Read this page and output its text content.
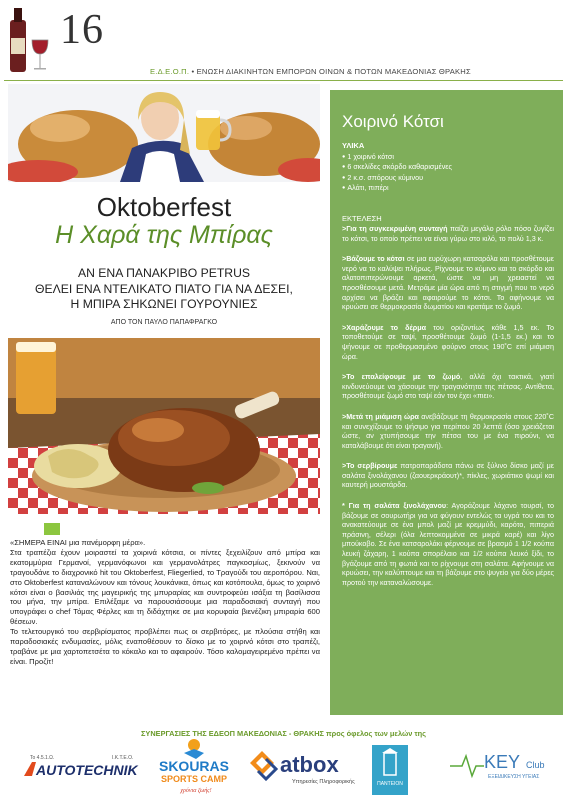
16
Ε.Δ.Ε.Ο.Π. • ΕΝΩΣΗ ΔΙΑΚΙΝΗΤΩΝ ΕΜΠΟΡΩΝ ΟΙΝΩΝ & ΠΟΤΩΝ ΜΑΚΕΔΟΝΙΑΣ ΘΡΑΚΗΣ
Oktoberfest
Η Χαρά της Μπίρας
ΑΝ ΕΝΑ ΠΑΝΑΚΡΙΒΟ PETRUS
ΘΕΛΕΙ ΕΝΑ ΝΤΕΛΙΚΑΤΟ ΠΙΑΤΟ ΓΙΑ ΝΑ ΔΕΣΕΙ,
Η ΜΠΙΡΑ ΣΗΚΩΝΕΙ ΓΟΥΡΟΥΝΙΕΣ
ΑΠΟ ΤΟΝ ΠΑΥΛΟ ΠΑΠΑΦΡΑΓΚΟ

«ΣΗΜΕΡΑ ΕΙΝΑΙ μια πανέμορφη μέρα».

Στα τραπέζια έχουν μοιραστεί τα χοιρινά κότσια, οι πίντες ξεχειλίζουν από μπίρα και εκατομμύρια Γερμανοί, γερμανόφωνοι και γερμανολάτρες παγκοσμίως, ξεκινούν να τραγουδάνε το διαχρονικό hit του Oktoberfest, Fliegerlied, το Τραγούδι του αεροπόρου. Ναι, στο Oktoberfest καταναλώνουν και τόνους λουκάνικα, όπως και κοτόπουλα, όμως το χοιρινό κότσι είναι ο βασιλιάς της μαγειρικής της μπυραρίας και συντροφεύει ισάξια τη βασίλισσα του μήνα, την μπίρα. Επιλέξαμε να παρουσιάσουμε μια παραδοσιακή συνταγή που υπογράφει ο chef Τόμας Φέρλες και τη διδάχτηκε σε μια κορυφαία βιενέζικη μπιραρία 600 θέσεων.

Το τελετουργικό του σερβιρίσματος προβλέπει πως οι σερβιτόρες, με πλούσια στήθη και παραδοσιακές ενδυμασίες, μόλις εναποθέσουν το δίσκο με το χοιρινό κότσι στο τραπέζι, τραβάνε με μια χαρτοπετσέτα το κόκαλο και το αφαιρούν. Τόσο καλομαγειρεμένο πρέπει να είναι. Προζίτ!

Χοιρινό Κότσι
ΥΛΙΚΑ
● 1 χοιρινό κότσι
● 6 σκελίδες σκόρδο καθαρισμένες
● 2 κ.σ. σπόρους κύμινου
● Αλάτι, πιπέρι
ΕΚΤΕΛΕΣΗ

>Για τη συγκεκριμένη συνταγή παίζει μεγάλο ρόλο πόσο ζυγίζει το κότσι, το οποίο πρέπει να είναι γύρω στο κιλό, το πολύ 1,3 κ.

>Βάζουμε το κότσι σε μια ευρύχωρη κατσαρόλα και προσθέτουμε νερό να το καλύψει πλήρως. Ρίχνουμε το κύμινο και το σκόρδο και αλατοπιπερώνουμε αρκετά, ώστε να μη χρειαστεί να προσθέσουμε μετά. Μετράμε μία ώρα από τη στιγμή που το νερό αρχίσει να βράζει και αφαιρούμε το κότσι. Το αφήνουμε να κρυώσει σε θερμοκρασία δωματίου και κρατάμε το ζωμό.

>Χαράζουμε το δέρμα του οριζοντίως κάθε 1,5 εκ. Το τοποθετούμε σε ταψί, προσθέτουμε ζωμό (1-1,5 εκ.) και το ψήνουμε σε προθερμασμένο φούρνο στους 190˚C επί μιάμιση ώρα.

>Το επαλείφουμε με το ζωμό, αλλά όχι τακτικά, γιατί κινδυνεύουμε να χάσουμε την τραγανότητα της πέτσας. Αντίθετα, προσθέτουμε ζωμό στο ταψί εάν τον έχει «πιει».

>Μετά τη μιάμιση ώρα ανεβάζουμε τη θερμοκρασία στους 220˚C και συνεχίζουμε το ψήσιμο για περίπου 20 λεπτά (όσο χρειάζεται ώστε, αν χτυπήσουμε την πέτσα του με ένα πιρούνι, να καταλάβουμε ότι είναι τραγανή).

>Το σερβίρουμε πατροπαράδοτα πάνω σε ξύλινο δίσκο μαζί με σαλάτα ξινολάχανου (ζαουερκράουτ)*, πίκλες, χωριάτικο ψωμί και καυτερή μουστάρδα.

* Για τη σαλάτα ξινολάχανου: Αγοράζουμε λάχανο τουρσί, το βάζουμε σε σουρωτήρι για να φύγουν εντελώς τα υγρά του και το ανακατεύουμε σε ένα μπολ μαζί με κρεμμύδι, καρότο, πιπεριά πράσινη, σέλερι (όλα λεπτοκομμένα σε μικρά καρέ) και λίγο μπούκοβο. Σε ένα κατσαρολάκι φέρνουμε σε βρασμό 1 1/2 κούπα λευκή ζάχαρη, 1 κούπα σπορέλαιο και 1/2 κούπα λευκό ξίδι, το βγάζουμε από τη φωτιά και το ρίχνουμε στη σαλάτα. Αφήνουμε να κρυώσει, την καλύπτουμε και τη βάζουμε στο ψυγείο για δύο μέρες προτού την καταναλώσουμε.

ΣΥΝΕΡΓΑΣΙΕΣ ΤΗΣ ΕΔΕΟΠ ΜΑΚΕΔΟΝΙΑΣ - ΘΡΑΚΗΣ προς όφελος των μελών της
Το 4.5.1.Ω.	Ι.Κ.Τ.Ε.Ο.
AUTOTECHNIK SKOURAS
SPORTS CAMP
χρόνια ζωής!
atbox
Υπηρεσίες Πληροφορικής	ΠΑΝΤΕΙΟΝ
KEY Club
ΕΞΕΙΔΙΚΕΥΣΗ ΥΓΕΙΑΣ
